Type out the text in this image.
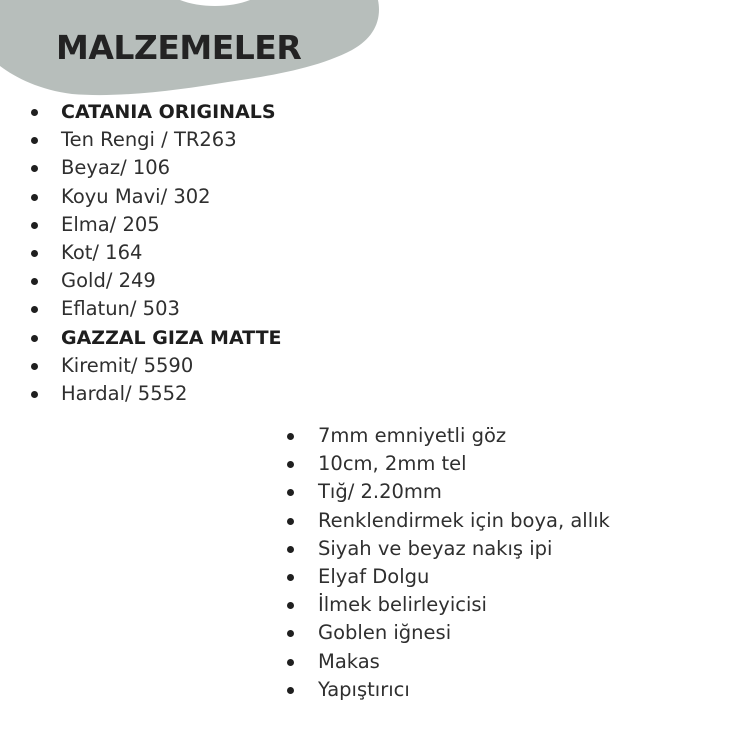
MALZEMELER
CATANIA ORIGINALS
Ten Rengi / TR263
Beyaz/ 106
Koyu Mavi/ 302
Elma/ 205
Kot/ 164
Gold/ 249
Eflatun/ 503
GAZZAL GIZA MATTE
Kiremit/ 5590
Hardal/ 5552
7mm emniyetli göz
10cm, 2mm tel
Tığ/ 2.20mm
Renklendirmek için boya, allık
Siyah ve beyaz nakış ipi
Elyaf Dolgu
İlmek belirleyicisi
Goblen iğnesi
Makas
Yapıştırıcı
